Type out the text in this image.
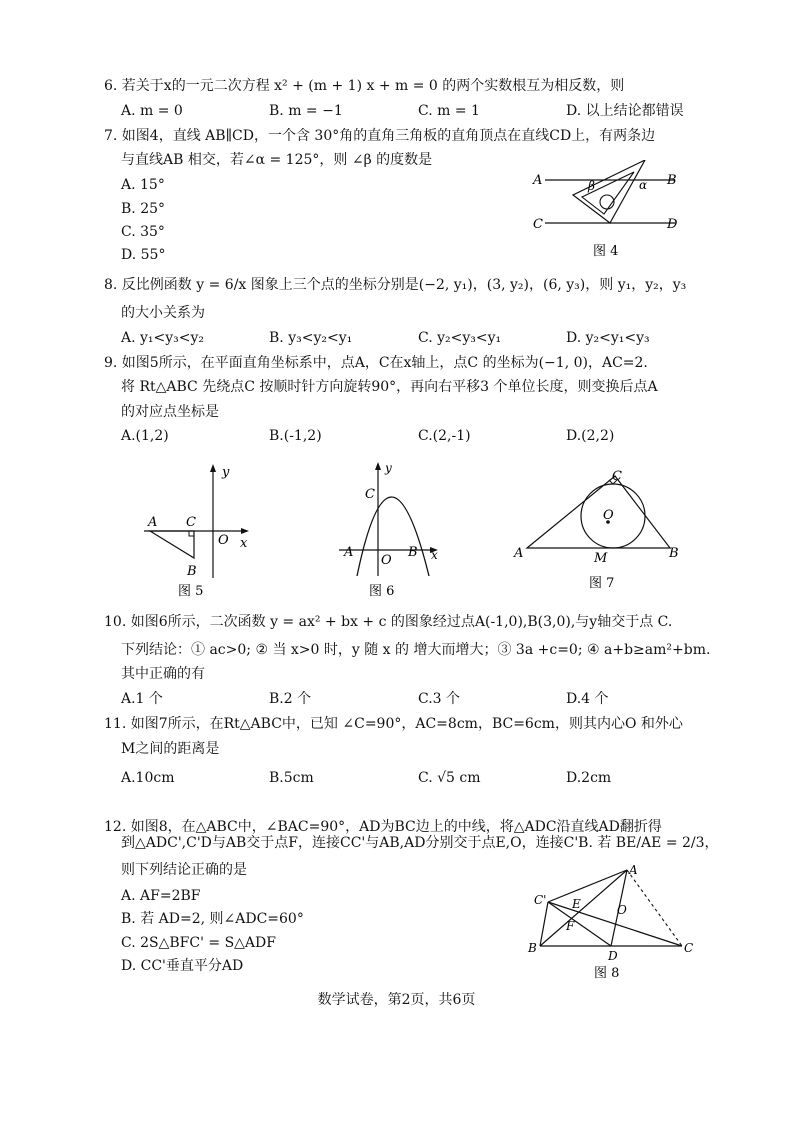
6. 若关于x的一元二次方程 x² + (m + 1) x + m = 0 的两个实数根互为相反数，则
A. m = 0	B. m = −1	C. m = 1	D. 以上结论都错误
7. 如图4，直线 AB∥CD，一个含 30°角的直角三角板的直角顶点在直线CD上，有两条边
与直线AB 相交，若∠α = 125°，则 ∠β 的度数是
A. 15°
B. 25°
C. 35°
D. 55°
A	B
C	D
β	α
图 4
8. 反比例函数 y = 6/x 图象上三个点的坐标分别是(−2, y₁)，(3, y₂)，(6, y₃)，则 y₁，y₂，y₃
的大小关系为
A. y₁<y₃<y₂	B. y₃<y₂<y₁	C. y₂<y₃<y₁	D. y₂<y₁<y₃
9. 如图5所示，在平面直角坐标系中，点A，C在x轴上，点C 的坐标为(−1, 0)，AC=2.
将 Rt△ABC 先绕点C 按顺时针方向旋转90°，再向右平移3 个单位长度，则变换后点A
的对应点坐标是
A.(1,2)	B.(-1,2)	C.(2,-1)	D.(2,2)
y
A C
O x
B
图 5
y
C
A
O
B x
图 6
C
O
A	M	B
图 7
10. 如图6所示，二次函数 y = ax² + bx + c 的图象经过点A(-1,0),B(3,0),与y轴交于点 C.
下列结论：① ac>0; ② 当 x>0 时，y 随 x 的 增大而增大；③ 3a +c=0; ④ a+b≥am²+bm.
其中正确的有
A.1 个	B.2 个	C.3 个	D.4 个
11. 如图7所示，在Rt△ABC中，已知 ∠C=90°，AC=8cm，BC=6cm，则其内心O 和外心
M之间的距离是
A.10cm	B.5cm	C. √5 cm	D.2cm
12. 如图8，在△ABC中，∠BAC=90°，AD为BC边上的中线，将△ADC沿直线AD翻折得
到△ADC',C'D与AB交于点F，连接CC'与AB,AD分别交于点E,O，连接C'B. 若 BE/AE = 2/3，
则下列结论正确的是
A. AF=2BF
B. 若 AD=2, 则∠ADC=60°
C. 2S△BFC' = S△ADF
D. CC'垂直平分AD
A
C' E	O
F
B
D
C
图 8
数学试卷，第2页，共6页
